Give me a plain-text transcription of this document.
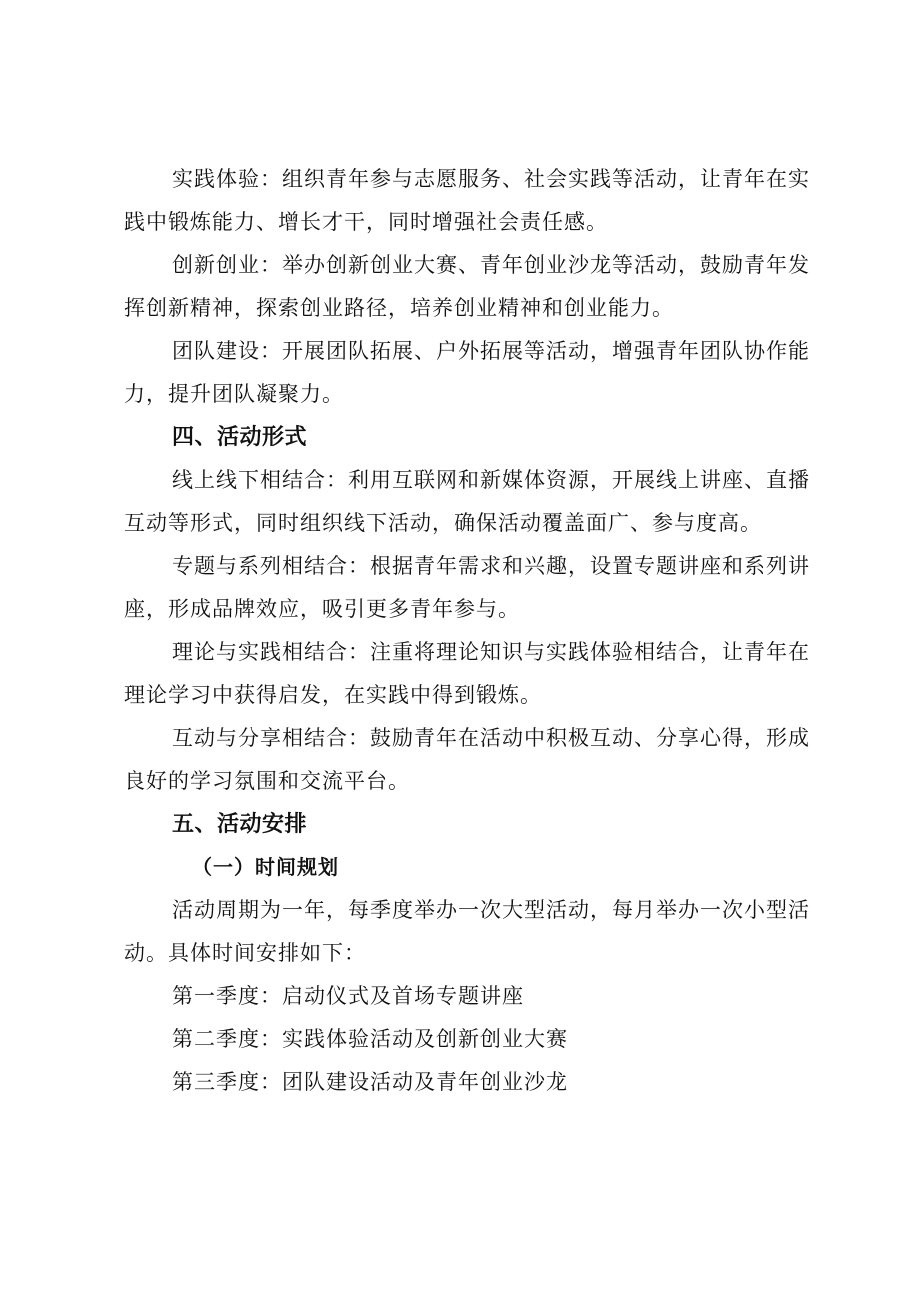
实践体验：组织青年参与志愿服务、社会实践等活动，让青年在实践中锻炼能力、增长才干，同时增强社会责任感。

创新创业：举办创新创业大赛、青年创业沙龙等活动，鼓励青年发挥创新精神，探索创业路径，培养创业精神和创业能力。

团队建设：开展团队拓展、户外拓展等活动，增强青年团队协作能力，提升团队凝聚力。

四、活动形式

线上线下相结合：利用互联网和新媒体资源，开展线上讲座、直播互动等形式，同时组织线下活动，确保活动覆盖面广、参与度高。

专题与系列相结合：根据青年需求和兴趣，设置专题讲座和系列讲座，形成品牌效应，吸引更多青年参与。

理论与实践相结合：注重将理论知识与实践体验相结合，让青年在理论学习中获得启发，在实践中得到锻炼。

互动与分享相结合：鼓励青年在活动中积极互动、分享心得，形成良好的学习氛围和交流平台。

五、活动安排
（一）时间规划

活动周期为一年，每季度举办一次大型活动，每月举办一次小型活动。具体时间安排如下：

第一季度：启动仪式及首场专题讲座

第二季度：实践体验活动及创新创业大赛

第三季度：团队建设活动及青年创业沙龙
